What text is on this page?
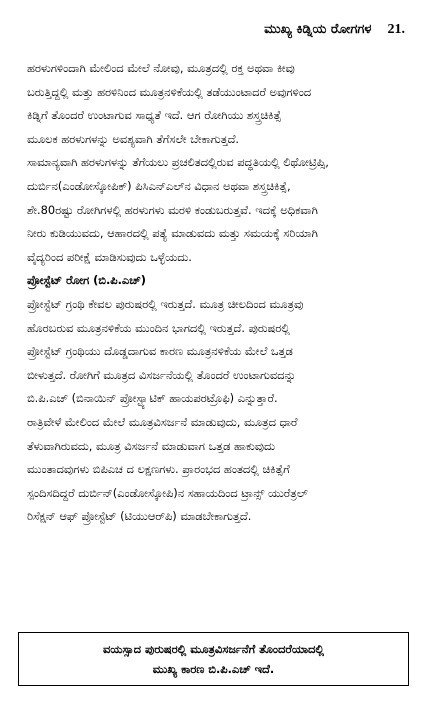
ಮುಖ್ಯ ಕಿಡ್ನಿಯ ರೋಗಗಳ 21.

ಹರಳುಗಳಿಂದಾಗಿ ಮೇಲಿಂದ ಮೇಲೆ ನೋವು, ಮೂತ್ರದಲ್ಲಿ ರಕ್ತ ಅಥವಾ ಕೀವು
ಬರುತ್ತಿದ್ದಲ್ಲಿ ಮತ್ತು ಹರಳಿನಿಂದ ಮೂತ್ರನಳಿಕೆಯಲ್ಲಿ ತಡೆಯುಂಟಾದರೆ ಅವುಗಳಿಂದ
ಕಿಡ್ನಿಗೆ ತೊಂದರೆ ಉಂಟಾಗುವ ಸಾಧ್ಯತೆ ಇದೆ. ಆಗ ರೋಗಿಯು ಶಸ್ತ್ರಚಿಕಿತ್ಸೆ
ಮೂಲಕ ಹರಳುಗಳನ್ನು ಅವಶ್ಯವಾಗಿ ತೆಗೆಸಲೇ ಬೇಕಾಗುತ್ತದೆ.

ಸಾಮಾನ್ಯವಾಗಿ ಹರಳುಗಳನ್ನು ತೆಗೆಯಲು ಪ್ರಚಲಿತದಲ್ಲಿರುವ ಪದ್ಧತಿಯಲ್ಲಿ ಲಿಥೋಟ್ರಿಪ್ಸಿ,
ದುರ್ಬಿನ(ಎಂಡೋಸ್ಕೋಪಿಕ್) ಪಿಸಿಎನ್‌ಎಲ್‌ನ ವಿಧಾನ ಅಥವಾ ಶಸ್ತ್ರಚಿಕಿತ್ಸೆ,
ಶೇ.80ರಷ್ಟು ರೋಗಿಗಳಲ್ಲಿ ಹರಳುಗಳು ಮರಳಿ ಕಂಡುಬರುತ್ತವೆ. ಇದಕ್ಕೆ ಅಧಿಕವಾಗಿ
ನೀರು ಕುಡಿಯುವದು, ಆಹಾರದಲ್ಲಿ ಪತ್ಯೆ ಮಾಡುವದು ಮತ್ತು ಸಮಯಕ್ಕೆ ಸರಿಯಾಗಿ
ವೈದ್ಯರಿಂದ ಪರೀಕ್ಷೆ ಮಾಡಿಸುವುದು ಒಳ್ಳೆಯದು.

ಪ್ರೋಸ್ಟೆಟ್ ರೋಗ (ಬಿ.ಪಿ.ಎಚ್)

ಪ್ರೋಸ್ಟೆಟ್ ಗ್ರಂಥಿ ಕೇವಲ ಪುರುಷರಲ್ಲಿ ಇರುತ್ತದೆ. ಮೂತ್ರ ಚೀಲದಿಂದ ಮೂತ್ರವು
ಹೊರಬರುವ ಮೂತ್ರನಳಿಕೆಯ ಮುಂದಿನ ಭಾಗದಲ್ಲಿ ಇರುತ್ತದೆ. ಪುರುಷರಲ್ಲಿ
ಪ್ರೋಸ್ಟೆಟ್ ಗ್ರಂಥಿಯು ದೊಡ್ಡದಾಗುವ ಕಾರಣ ಮೂತ್ರನಳಿಕೆಯ ಮೇಲೆ ಒತ್ತಡ
ಬೀಳುತ್ತದೆ. ರೋಗಿಗೆ ಮೂತ್ರದ ವಿಸರ್ಜನೆಯಲ್ಲಿ ತೊಂದರೆ ಉಂಟಾಗುವದನ್ನು
ಬಿ.ಪಿ.ಎಚ್ (ಬಿನಾಯಿನ್ ಪ್ರೋಸ್ಟ್ಯಾಟಿಕ್ ಹಾಯಪರಟ್ರೊಫಿ) ಎನ್ನುತ್ತಾರೆ.

ರಾತ್ರಿವೇಳೆ ಮೇಲಿಂದ ಮೇಲೆ ಮೂತ್ರವಿಸರ್ಜನೆ ಮಾಡುವುದು, ಮೂತ್ರದ ಧಾರೆ
ತೆಳುವಾಗಿರುವದು, ಮೂತ್ರ ವಿಸರ್ಜನೆ ಮಾಡುವಾಗ ಒತ್ತಡ ಹಾಕುವುದು
ಮುಂತಾದವುಗಳು ಬಿಪಿಎಚ ದ ಲಕ್ಷಣಗಳು. ಪ್ರಾರಂಭದ ಹಂತದಲ್ಲಿ ಚಿಕಿತ್ಸೆಗೆ
ಸ್ಪಂದಿಸದಿದ್ದರೆ ದುರ್ಬಿನ್(ಎಂಡೋಸ್ಕೋಪಿ)ನ ಸಹಾಯದಿಂದ ಟ್ರಾನ್ಸ್ ಯುರೆತ್ರಲ್
ರಿಸೆಕ್ಷನ್ ಆಫ್ ಪ್ರೋಸ್ಟೆಟ್ (ಟಿಯುಆರ್‌ಪಿ) ಮಾಡಬೇಕಾಗುತ್ತದೆ.

ವಯಸ್ಸಾದ ಪುರುಷರಲ್ಲಿ ಮೂತ್ರವಿಸರ್ಜನೆಗೆ ತೊಂದರೆಯಾದಲ್ಲಿ
ಮುಖ್ಯ ಕಾರಣ ಬಿ.ಪಿ.ಎಚ್ ಇದೆ.
